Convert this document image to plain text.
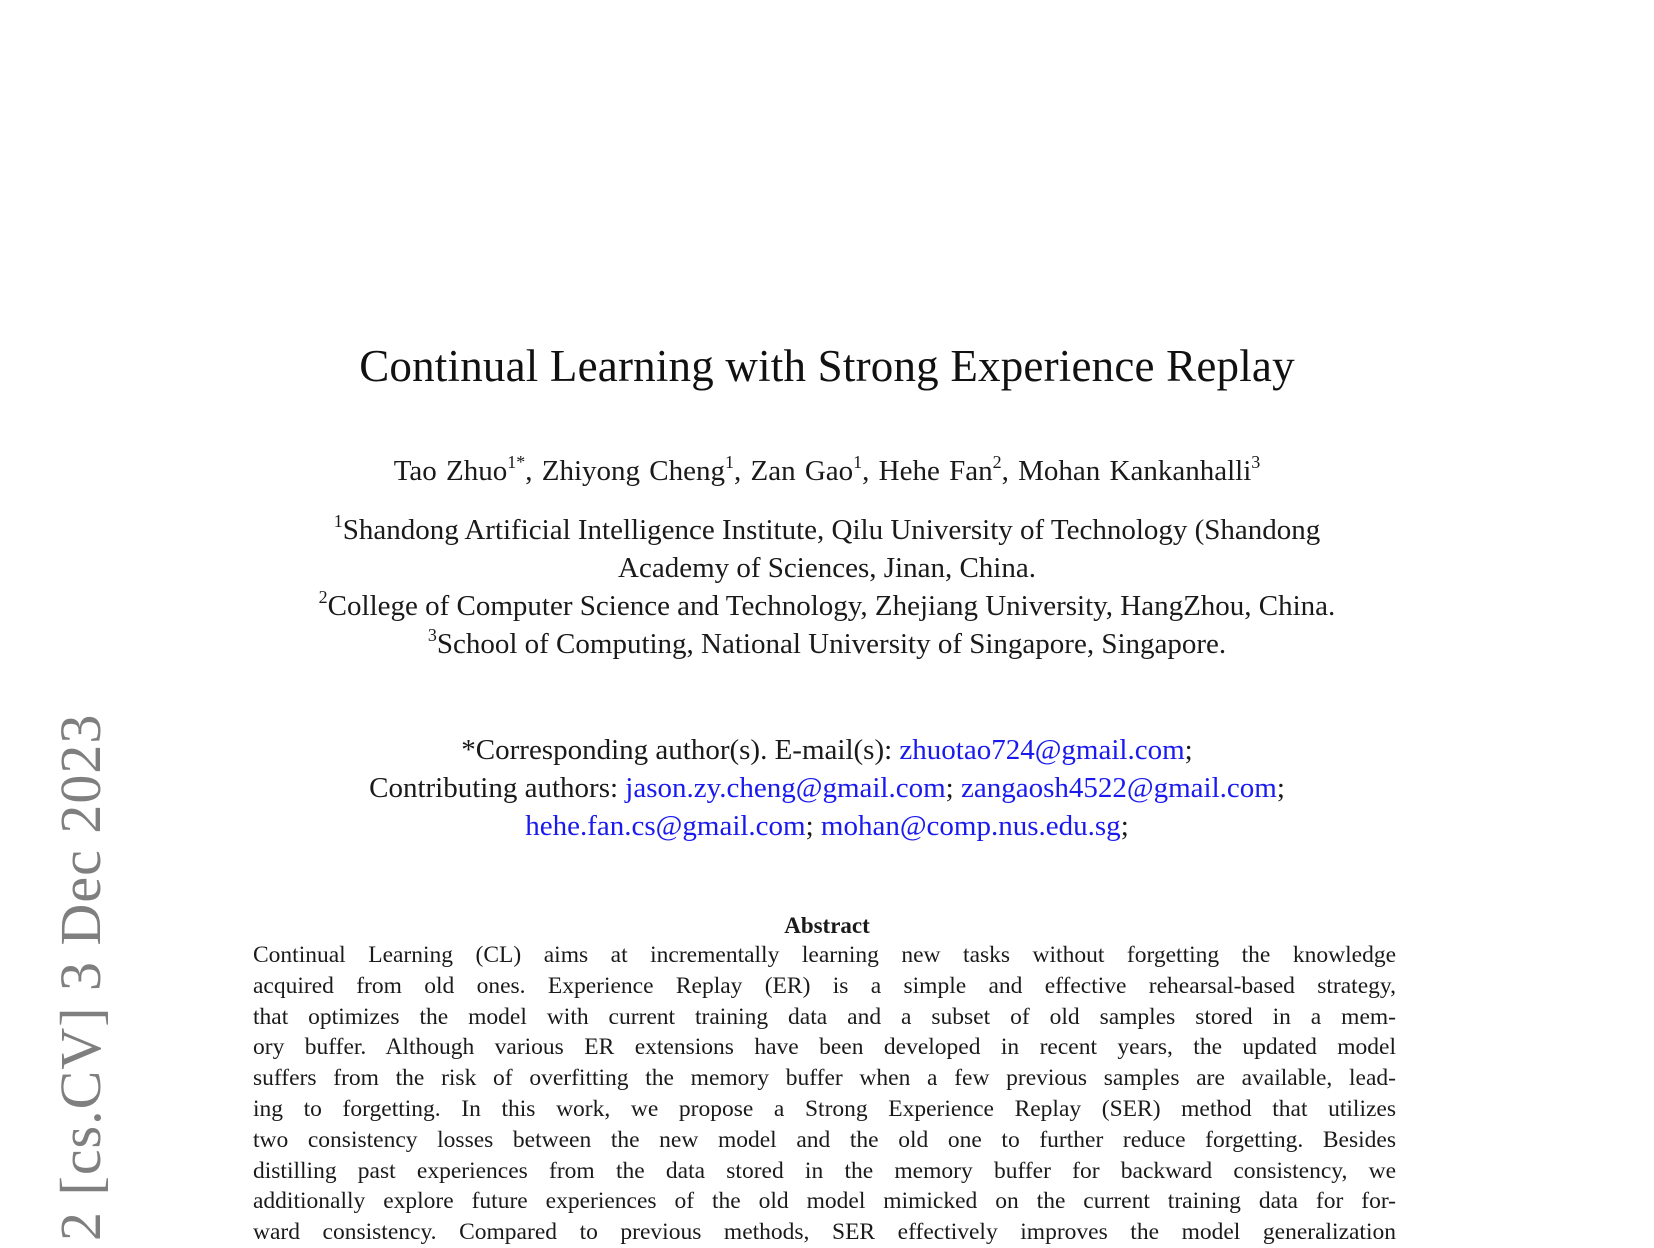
2 [cs.CV] 3 Dec 2023
Continual Learning with Strong Experience Replay
Tao Zhuo$^{1*}$, Zhiyong Cheng$^1$, Zan Gao$^1$, Hehe Fan$^2$, Mohan Kankanhalli$^3$
$^1$Shandong Artificial Intelligence Institute, Qilu University of Technology (Shandong
Academy of Sciences, Jinan, China.
$^2$College of Computer Science and Technology, Zhejiang University, HangZhou, China.
$^3$School of Computing, National University of Singapore, Singapore.
*Corresponding author(s). E-mail(s): zhuotao724@gmail.com;
Contributing authors: jason.zy.cheng@gmail.com; zangaosh4522@gmail.com;
hehe.fan.cs@gmail.com; mohan@comp.nus.edu.sg;
Abstract
Continual Learning (CL) aims at incrementally learning new tasks without forgetting the knowledge
acquired from old ones. Experience Replay (ER) is a simple and effective rehearsal-based strategy,
that optimizes the model with current training data and a subset of old samples stored in a mem-
ory buffer. Although various ER extensions have been developed in recent years, the updated model
suffers from the risk of overfitting the memory buffer when a few previous samples are available, lead-
ing to forgetting. In this work, we propose a Strong Experience Replay (SER) method that utilizes
two consistency losses between the new model and the old one to further reduce forgetting. Besides
distilling past experiences from the data stored in the memory buffer for backward consistency, we
additionally explore future experiences of the old model mimicked on the current training data for for-
ward consistency. Compared to previous methods, SER effectively improves the model generalization
